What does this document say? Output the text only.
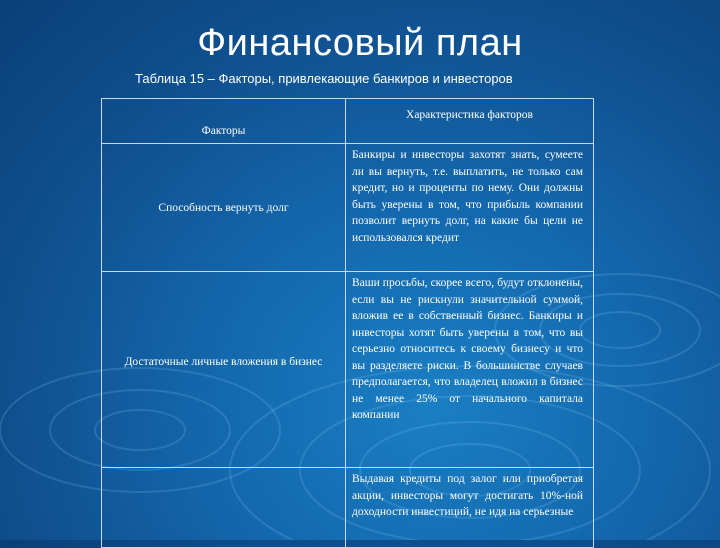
Финансовый план
Таблица 15 – Факторы, привлекающие банкиров и инвесторов
Факторы	Характеристика факторов

Способность вернуть долг	Банкиры и инвесторы захотят знать, сумеете ли вы вернуть, т.е. выплатить, не только сам кредит, но и проценты по нему. Они должны быть уверены в том, что прибыль компании позволит вернуть долг, на какие бы цели не использовался кредит

Достаточные личные вложения в бизнес	Ваши просьбы, скорее всего, будут отклонены, если вы не рискнули значительной суммой, вложив ее в собственный бизнес. Банкиры и инвесторы хотят быть уверены в том, что вы серьезно относитесь к своему бизнесу и что вы разделяете риски. В большинстве случаев предполагается, что владелец вложил в бизнес не менее 25% от начального капитала компании

	Выдавая кредиты под залог или приобретая акции, инвесторы могут достигать 10%-ной доходности инвестиций, не идя на серьезные
